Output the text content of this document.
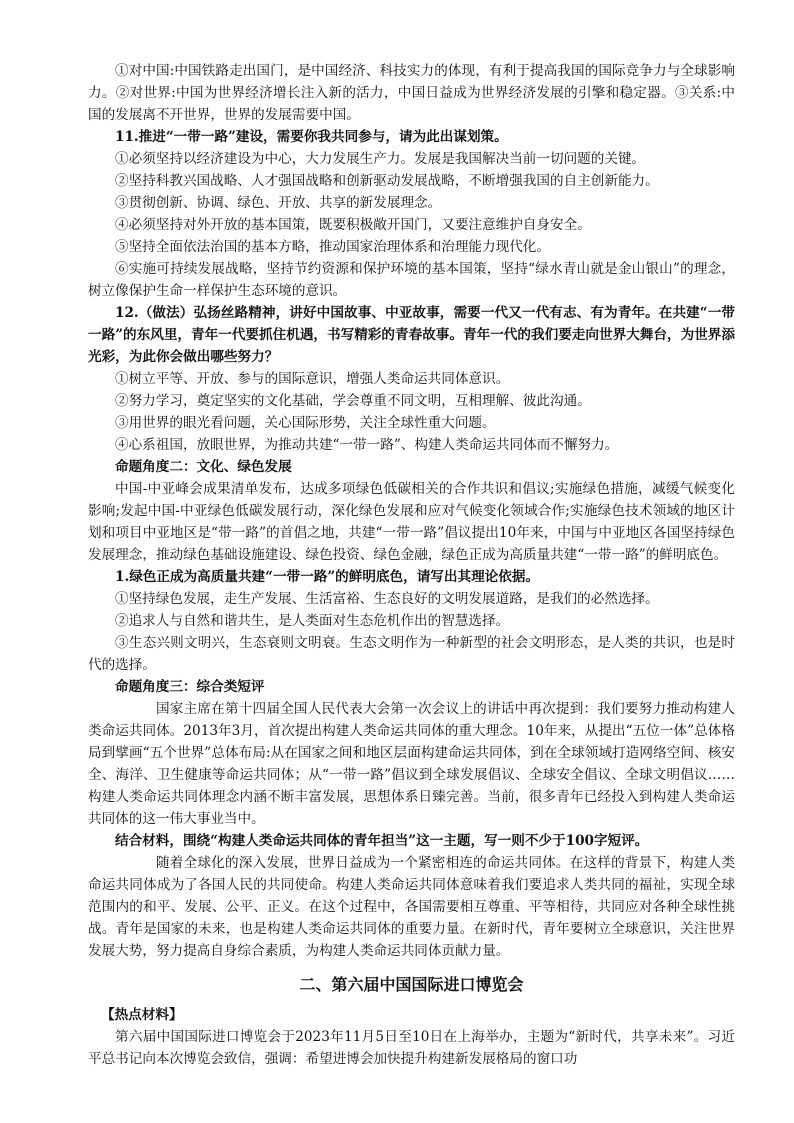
①对中国:中国铁路走出国门，是中国经济、科技实力的体现，有利于提高我国的国际竞争力与全球影响力。②对世界:中国为世界经济增长注入新的活力，中国日益成为世界经济发展的引擎和稳定器。③关系:中国的发展离不开世界，世界的发展需要中国。

11.推进“一带一路”建设，需要你我共同参与，请为此出谋划策。

①必须坚持以经济建设为中心，大力发展生产力。发展是我国解决当前一切问题的关键。

②坚持科教兴国战略、人才强国战略和创新驱动发展战略，不断增强我国的自主创新能力。

③贯彻创新、协调、绿色、开放、共享的新发展理念。

④必须坚持对外开放的基本国策，既要积极敞开国门，又要注意维护自身安全。

⑤坚持全面依法治国的基本方略，推动国家治理体系和治理能力现代化。

⑥实施可持续发展战略，坚持节约资源和保护环境的基本国策，坚持“绿水青山就是金山银山”的理念，树立像保护生命一样保护生态环境的意识。

12.（做法）弘扬丝路精神，讲好中国故事、中亚故事，需要一代又一代有志、有为青年。在共建“一带一路”的东风里，青年一代要抓住机遇，书写精彩的青春故事。青年一代的我们要走向世界大舞台，为世界添光彩，为此你会做出哪些努力？

①树立平等、开放、参与的国际意识，增强人类命运共同体意识。

②努力学习，奠定坚实的文化基础，学会尊重不同文明，互相理解、彼此沟通。

③用世界的眼光看问题，关心国际形势，关注全球性重大问题。

④心系祖国，放眼世界，为推动共建“一带一路”、构建人类命运共同体而不懈努力。

命题角度二：文化、绿色发展

中国-中亚峰会成果清单发布，达成多项绿色低碳相关的合作共识和倡议;实施绿色措施，减缓气候变化影响;发起中国-中亚绿色低碳发展行动，深化绿色发展和应对气候变化领域合作;实施绿色技术领域的地区计划和项目中亚地区是“带一路”的首倡之地，共建“一带一路”倡议提出10年来，中国与中亚地区各国坚持绿色发展理念，推动绿色基础设施建设、绿色投资、绿色金融，绿色正成为高质量共建“一带一路”的鲜明底色。

1.绿色正成为高质量共建“一带一路”的鲜明底色，请写出其理论依据。

①坚持绿色发展，走生产发展、生活富裕、生态良好的文明发展道路，是我们的必然选择。

②追求人与自然和谐共生，是人类面对生态危机作出的智慧选择。

③生态兴则文明兴，生态衰则文明衰。生态文明作为一种新型的社会文明形态，是人类的共识，也是时代的选择。

命题角度三：综合类短评

国家主席在第十四届全国人民代表大会第一次会议上的讲话中再次提到：我们要努力推动构建人类命运共同体。2013年3月，首次提出构建人类命运共同体的重大理念。10年来，从提出“五位一体”总体格局到擘画“五个世界”总体布局:从在国家之间和地区层面构建命运共同体，到在全球领域打造网络空间、核安全、海洋、卫生健康等命运共同体；从“一带一路”倡议到全球发展倡议、全球安全倡议、全球文明倡议……构建人类命运共同体理念内涵不断丰富发展，思想体系日臻完善。当前，很多青年已经投入到构建人类命运共同体的这一伟大事业当中。

结合材料，围绕“构建人类命运共同体的青年担当”这一主题，写一则不少于100字短评。

随着全球化的深入发展，世界日益成为一个紧密相连的命运共同体。在这样的背景下，构建人类命运共同体成为了各国人民的共同使命。构建人类命运共同体意味着我们要追求人类共同的福祉，实现全球范围内的和平、发展、公平、正义。在这个过程中，各国需要相互尊重、平等相待，共同应对各种全球性挑战。青年是国家的未来，也是构建人类命运共同体的重要力量。在新时代，青年要树立全球意识，关注世界发展大势，努力提高自身综合素质，为构建人类命运共同体贡献力量。

二、第六届中国国际进口博览会

【热点材料】

第六届中国国际进口博览会于2023年11月5日至10日在上海举办，主题为“新时代，共享未来”。习近平总书记向本次博览会致信，强调：希望进博会加快提升构建新发展格局的窗口功
